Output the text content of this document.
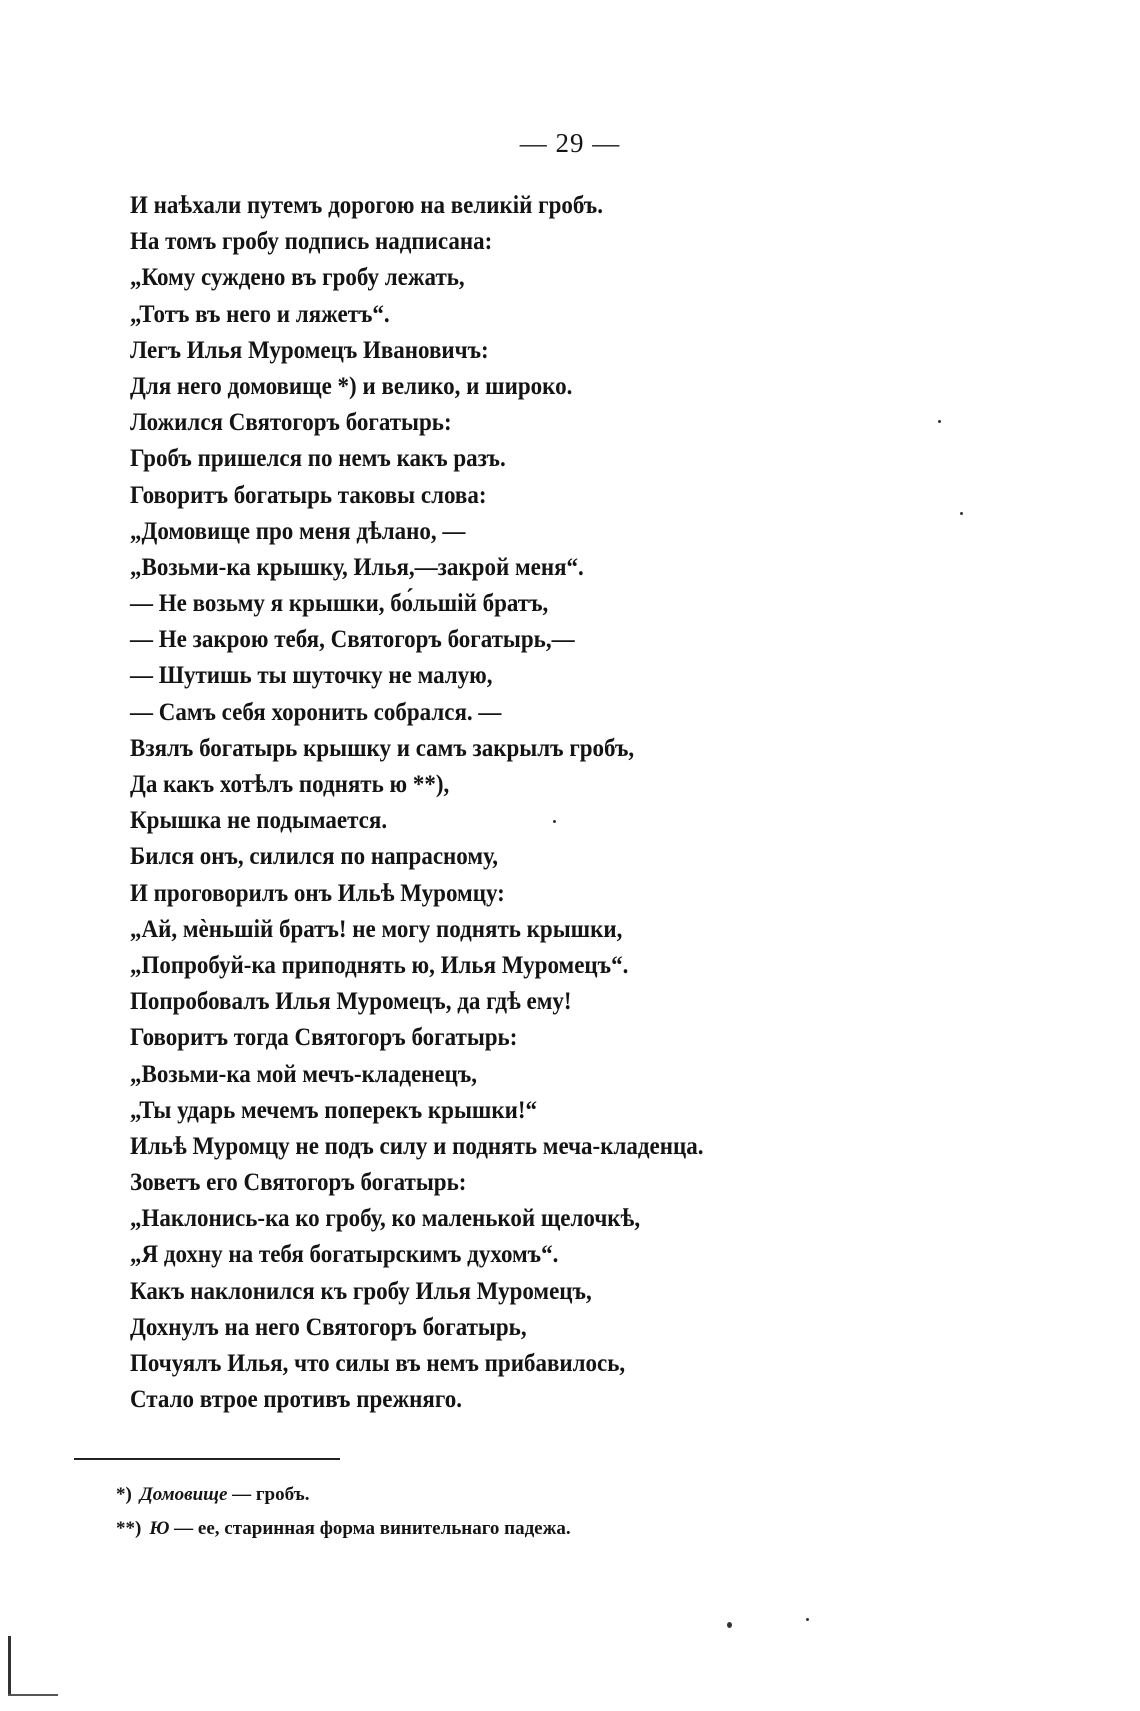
— 29 —
И наѣхали путемъ дорогою на великій гробъ.
На томъ гробу подпись надписана:
„Кому суждено въ гробу лежать,
„Тотъ въ него и ляжетъ“.
Легъ Илья Муромецъ Ивановичъ:
Для него домовище *) и велико, и широко.
Ложился Святогоръ богатырь:
Гробъ пришелся по немъ какъ разъ.
Говоритъ богатырь таковы слова:
„Домовище про меня дѣлано, —
„Возьми-ка крышку, Илья,—закрой меня“.
— Не возьму я крышки, бо́льшій братъ,
— Не закрою тебя, Святогоръ богатырь,—
— Шутишь ты шуточку не малую,
— Самъ себя хоронить собрался. —
Взялъ богатырь крышку и самъ закрылъ гробъ,
Да какъ хотѣлъ поднять ю **),
Крышка не подымается.
Бился онъ, силился по напрасному,
И проговорилъ онъ Ильѣ Муромцу:
„Ай, мѐньшій братъ! не могу поднять крышки,
„Попробуй-ка приподнять ю, Илья Муромецъ“.
Попробовалъ Илья Муромецъ, да гдѣ ему!
Говоритъ тогда Святогоръ богатырь:
„Возьми-ка мой мечъ-кладенецъ,
„Ты ударь мечемъ поперекъ крышки!“
Ильѣ Муромцу не подъ силу и поднять меча-кладенца.
Зоветъ его Святогоръ богатырь:
„Наклонись-ка ко гробу, ко маленькой щелочкѣ,
„Я дохну на тебя богатырскимъ духомъ“.
Какъ наклонился къ гробу Илья Муромецъ,
Дохнулъ на него Святогоръ богатырь,
Почуялъ Илья, что силы въ немъ прибавилось,
Стало втрое противъ прежняго.
*) Домовище — гробъ.
**) Ю — ее, старинная форма винительнаго падежа.
